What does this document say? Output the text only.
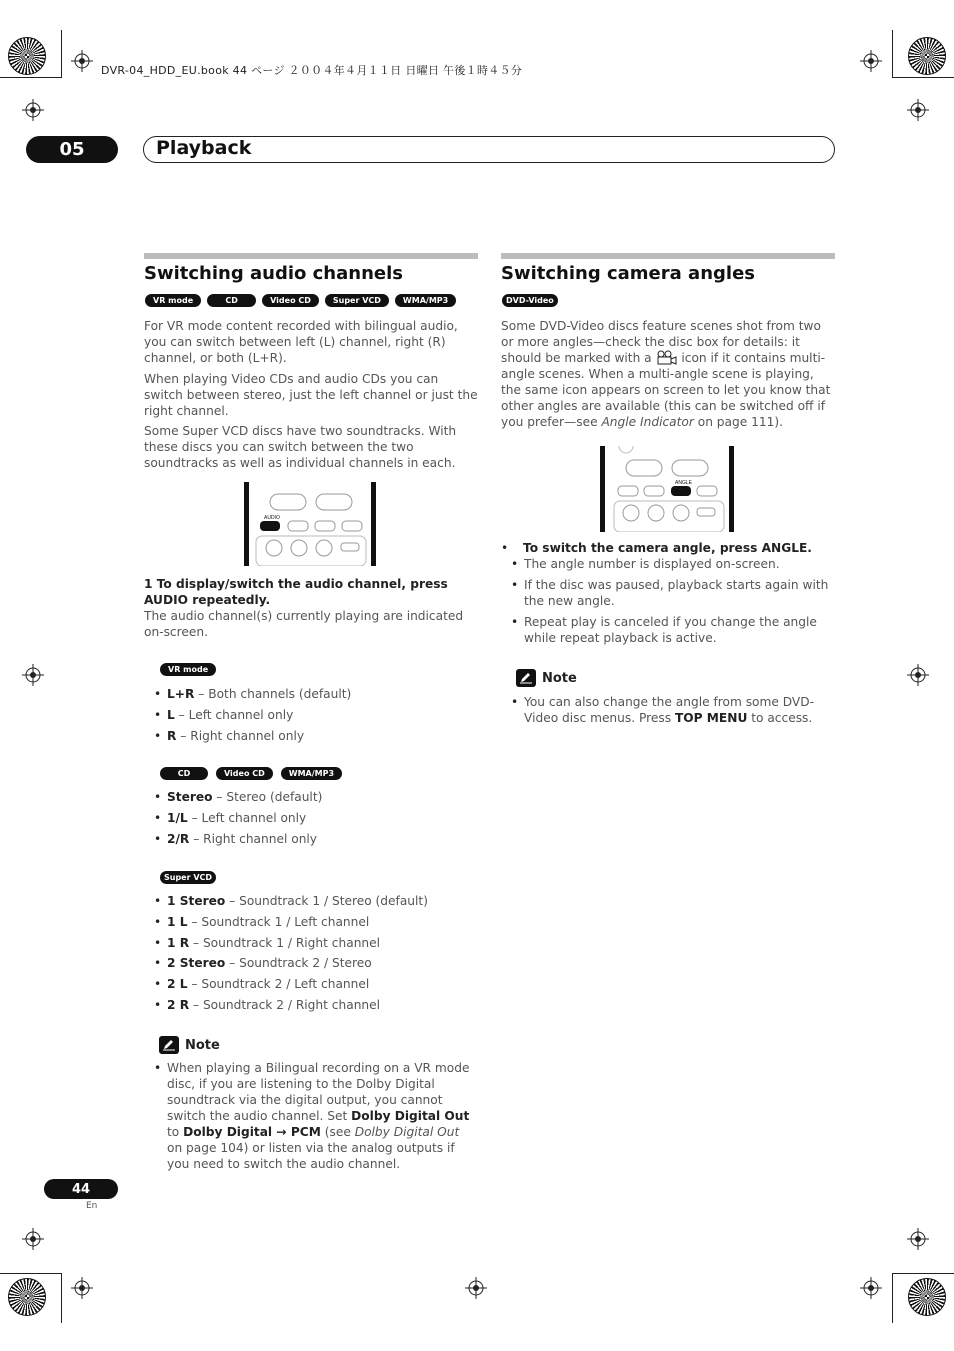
DVR-04_HDD_EU.book 44 ページ ２００４年４月１１日 日曜日 午後１時４５分
05	Playback
Switching audio channels
VR mode	CD	Video CD	Super VCD	WMA/MP3

For VR mode content recorded with bilingual audio, you can switch between left (L) channel, right (R) channel, or both (L+R).

When playing Video CDs and audio CDs you can switch between stereo, just the left channel or just the right channel.

Some Super VCD discs have two soundtracks. With these discs you can switch between the two soundtracks as well as individual channels in each.

AUDIO

1 To display/switch the audio channel, press AUDIO repeatedly.

The audio channel(s) currently playing are indicated on-screen.

VR mode
• L+R – Both channels (default)
• L – Left channel only
• R – Right channel only
CD	Video CD	WMA/MP3
• Stereo – Stereo (default)
• 1/L – Left channel only
• 2/R – Right channel only
Super VCD
• 1 Stereo – Soundtrack 1 / Stereo (default)
• 1 L – Soundtrack 1 / Left channel
• 1 R – Soundtrack 1 / Right channel
• 2 Stereo – Soundtrack 2 / Stereo
• 2 L – Soundtrack 2 / Left channel
• 2 R – Soundtrack 2 / Right channel
Note
• When playing a Bilingual recording on a VR mode disc, if you are listening to the Dolby Digital soundtrack via the digital output, you cannot switch the audio channel. Set Dolby Digital Out to Dolby Digital → PCM (see Dolby Digital Out on page 104) or listen via the analog outputs if you need to switch the audio channel.
Switching camera angles
DVD-Video

Some DVD-Video discs feature scenes shot from two or more angles—check the disc box for details: it should be marked with a  icon if it contains multi-angle scenes. When a multi-angle scene is playing, the same icon appears on screen to let you know that other angles are available (this can be switched off if you prefer—see Angle Indicator on page 111).

ANGLE
• To switch the camera angle, press ANGLE.
• The angle number is displayed on-screen.
• If the disc was paused, playback starts again with the new angle.
• Repeat play is canceled if you change the angle while repeat playback is active.
Note
• You can also change the angle from some DVD-Video disc menus. Press TOP MENU to access.
44
En
